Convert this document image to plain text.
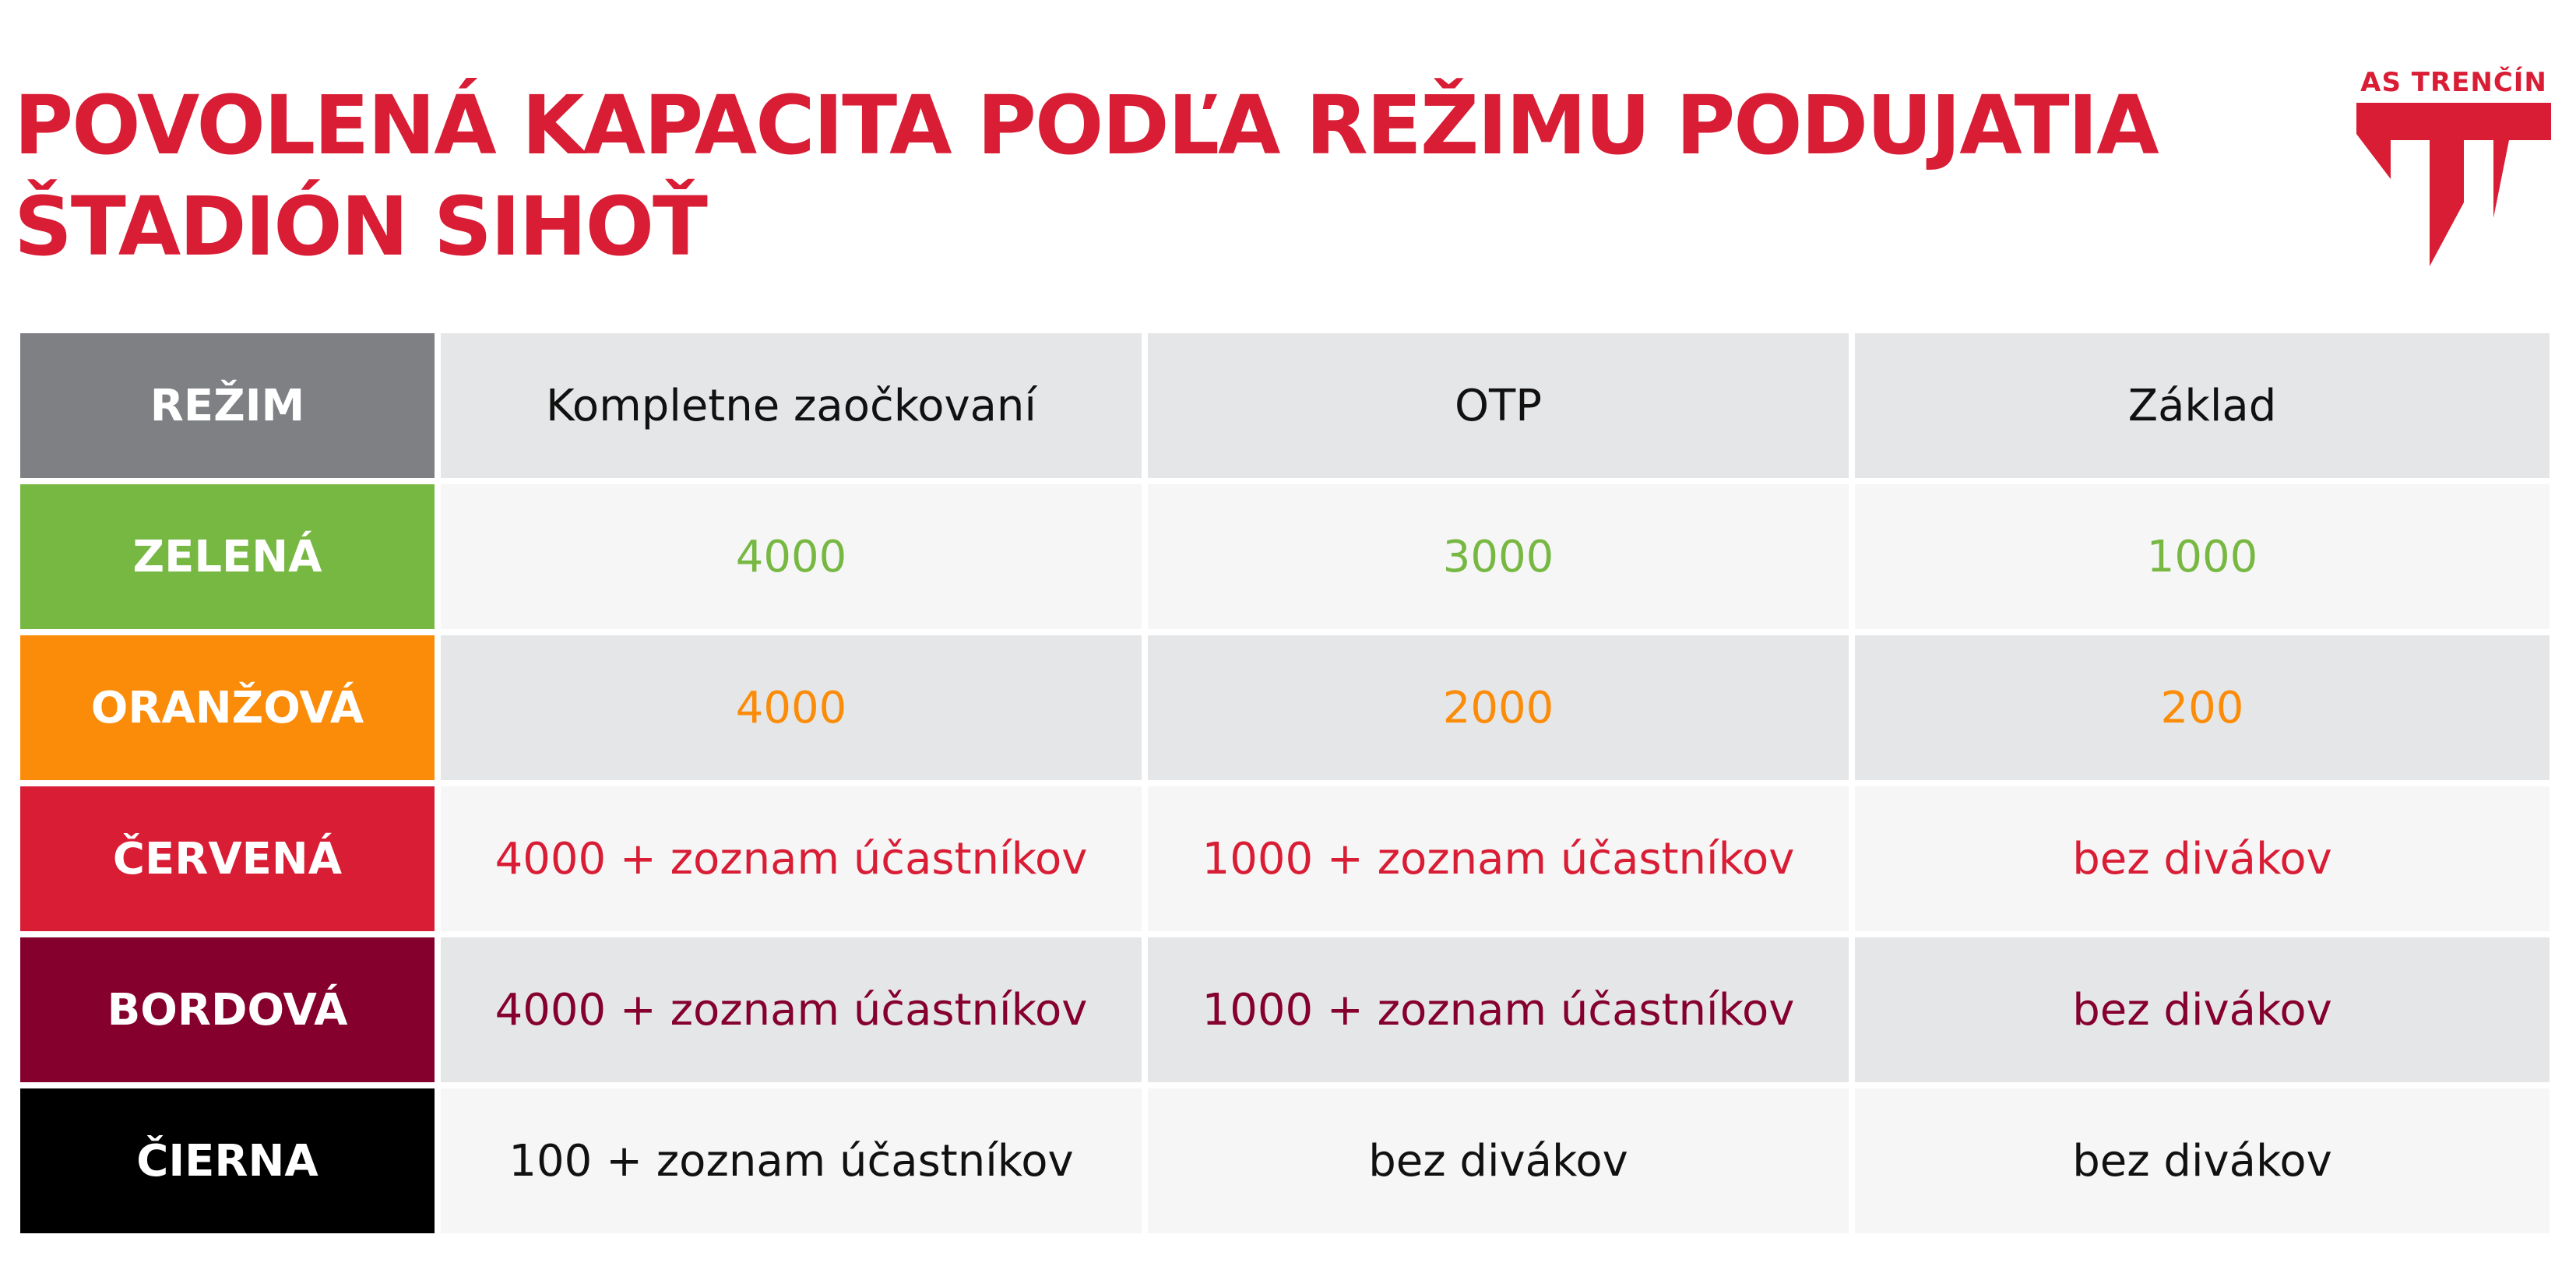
POVOLENÁ KAPACITA PODĽA REŽIMU PODUJATIA
ŠTADIÓN SIHOŤ
AS TRENČÍN
REŽIM	Kompletne zaočkovaní	OTP	Základ
ZELENÁ	4000	3000	1000
ORANŽOVÁ	4000	2000	200
ČERVENÁ	4000 + zoznam účastníkov	1000 + zoznam účastníkov	bez divákov
BORDOVÁ	4000 + zoznam účastníkov	1000 + zoznam účastníkov	bez divákov
ČIERNA	100 + zoznam účastníkov	bez divákov	bez divákov
